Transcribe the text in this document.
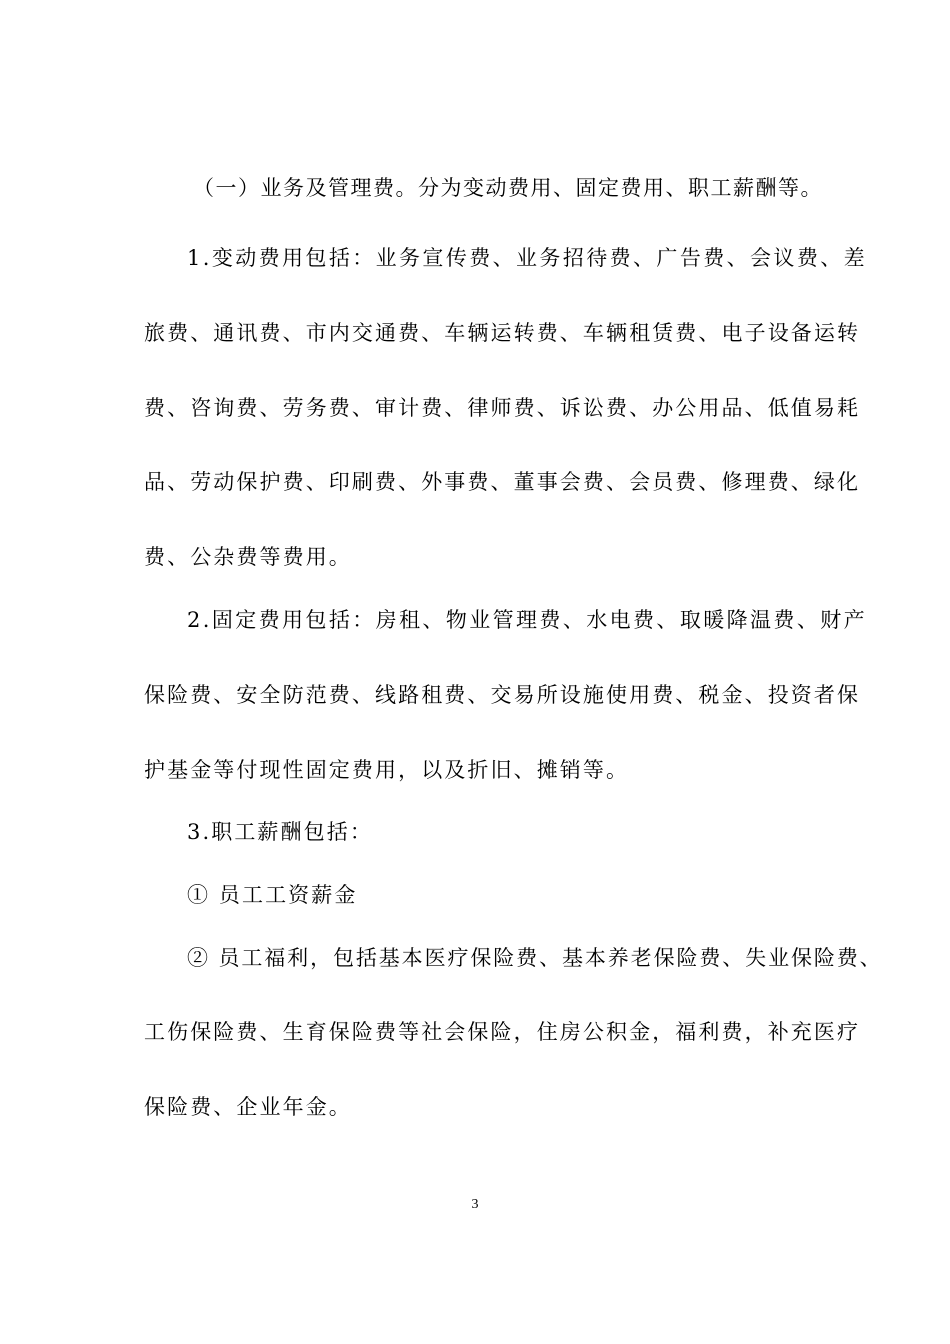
（一）业务及管理费。分为变动费用、固定费用、职工薪酬等。
1.变动费用包括：业务宣传费、业务招待费、广告费、会议费、差
旅费、通讯费、市内交通费、车辆运转费、车辆租赁费、电子设备运转
费、咨询费、劳务费、审计费、律师费、诉讼费、办公用品、低值易耗
品、劳动保护费、印刷费、外事费、董事会费、会员费、修理费、绿化
费、公杂费等费用。
2.固定费用包括：房租、物业管理费、水电费、取暖降温费、财产
保险费、安全防范费、线路租费、交易所设施使用费、税金、投资者保
护基金等付现性固定费用，以及折旧、摊销等。
3.职工薪酬包括：
① 员工工资薪金
② 员工福利，包括基本医疗保险费、基本养老保险费、失业保险费、
工伤保险费、生育保险费等社会保险，住房公积金，福利费，补充医疗
保险费、企业年金。
3
